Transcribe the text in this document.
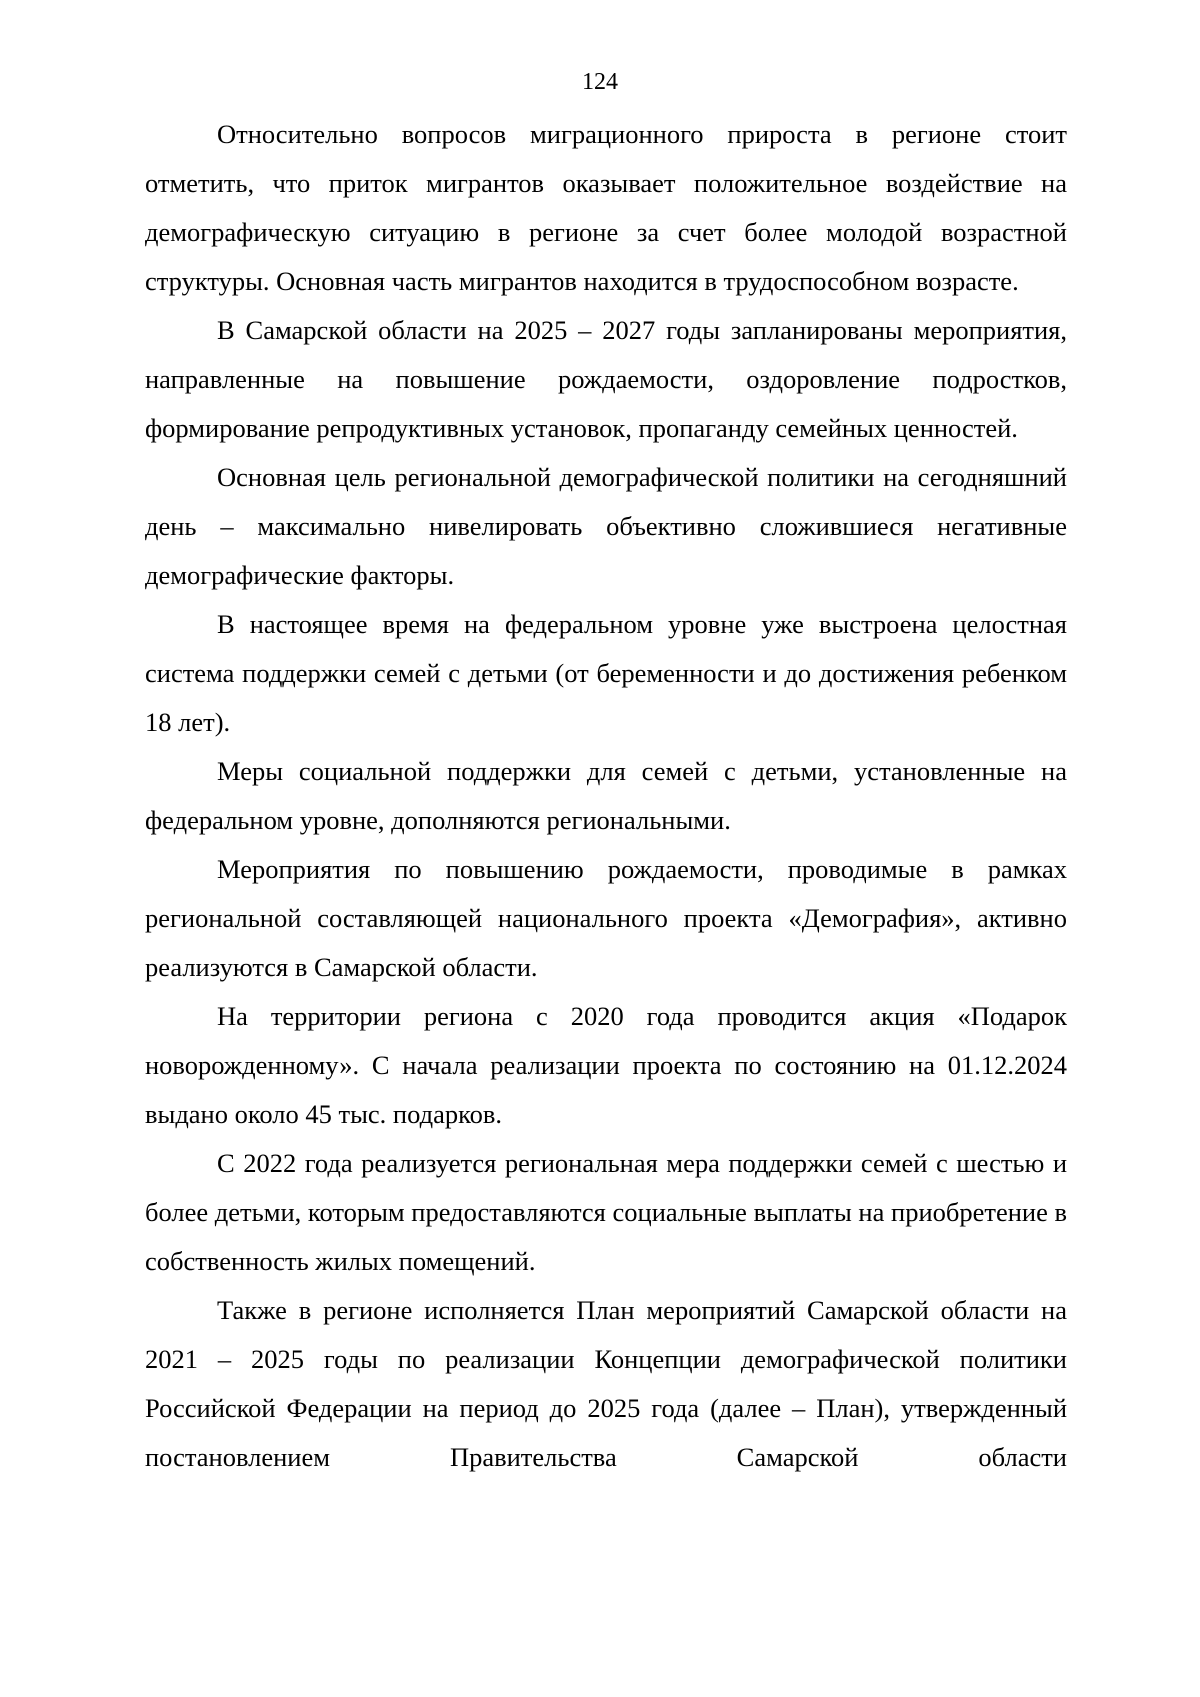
124

Относительно вопросов миграционного прироста в регионе стоит отметить, что приток мигрантов оказывает положительное воздействие на демографическую ситуацию в регионе за счет более молодой возрастной структуры. Основная часть мигрантов находится в трудоспособном возрасте.

В Самарской области на 2025 – 2027 годы запланированы мероприятия, направленные на повышение рождаемости, оздоровление подростков, формирование репродуктивных установок, пропаганду семейных ценностей.

Основная цель региональной демографической политики на сегодняшний день – максимально нивелировать объективно сложившиеся негативные демографические факторы.

В настоящее время на федеральном уровне уже выстроена целостная система поддержки семей с детьми (от беременности и до достижения ребенком 18 лет).

Меры социальной поддержки для семей с детьми, установленные на федеральном уровне, дополняются региональными.

Мероприятия по повышению рождаемости, проводимые в рамках региональной составляющей национального проекта «Демография», активно реализуются в Самарской области.

На территории региона с 2020 года проводится акция «Подарок новорожденному». С начала реализации проекта по состоянию на 01.12.2024 выдано около 45 тыс. подарков.

С 2022 года реализуется региональная мера поддержки семей с шестью и более детьми, которым предоставляются социальные выплаты на приобретение в собственность жилых помещений.

Также в регионе исполняется План мероприятий Самарской области на 2021 – 2025 годы по реализации Концепции демографической политики Российской Федерации на период до 2025 года (далее – План), утвержденный постановлением Правительства Самарской области
